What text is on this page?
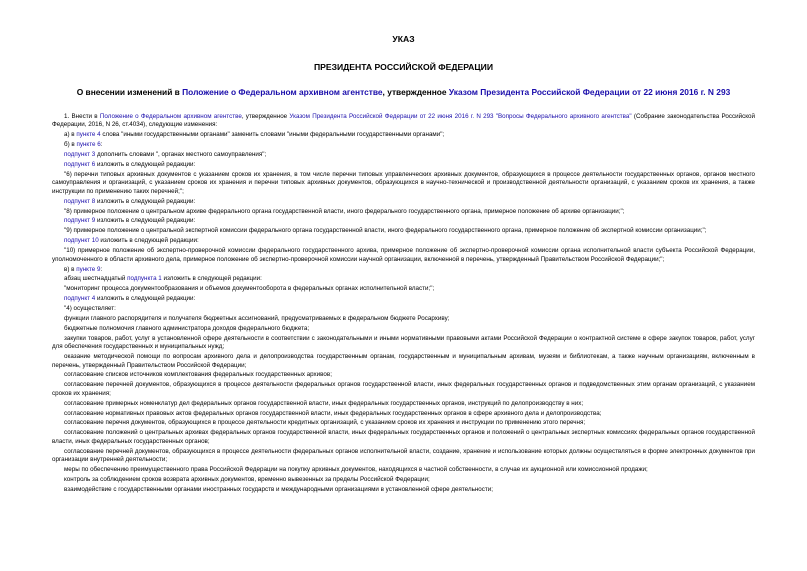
УКАЗ
ПРЕЗИДЕНТА РОССИЙСКОЙ ФЕДЕРАЦИИ
О внесении изменений в Положение о Федеральном архивном агентстве, утвержденное Указом Президента Российской Федерации от 22 июня 2016 г. N 293

1. Внести в Положение о Федеральном архивном агентстве, утвержденное Указом Президента Российской Федерации от 22 июня 2016 г. N 293 "Вопросы Федерального архивного агентства" (Собрание законодательства Российской Федерации, 2016, N 26, ст.4034), следующие изменения:

а) в пункте 4 слова "иными государственными органами" заменить словами "иными федеральными государственными органами";

б) в пункте 6:

подпункт 3 дополнить словами ", органах местного самоуправления";

подпункт 6 изложить в следующей редакции:

"6) перечни типовых архивных документов с указанием сроков их хранения, в том числе перечни типовых управленческих архивных документов, образующихся в процессе деятельности государственных органов, органов местного самоуправления и организаций, с указанием сроков их хранения и перечни типовых архивных документов, образующихся в научно-технической и производственной деятельности организаций, с указанием сроков их хранения, а также инструкции по применению таких перечней;";

подпункт 8 изложить в следующей редакции:

"8) примерное положение о центральном архиве федерального органа государственной власти, иного федерального государственного органа, примерное положение об архиве организации;";

подпункт 9 изложить в следующей редакции:

"9) примерное положение о центральной экспертной комиссии федерального органа государственной власти, иного федерального государственного органа, примерное положение об экспертной комиссии организации;";

подпункт 10 изложить в следующей редакции:

"10) примерное положение об экспертно-проверочной комиссии федерального государственного архива, примерное положение об экспертно-проверочной комиссии органа исполнительной власти субъекта Российской Федерации, уполномоченного в области архивного дела, примерное положение об экспертно-проверочной комиссии научной организации, включенной в перечень, утвержденный Правительством Российской Федерации;";

в) в пункте 9:

абзац шестнадцатый подпункта 1 изложить в следующей редакции:

"мониторинг процесса документообразования и объемов документооборота в федеральных органах исполнительной власти;";

подпункт 4 изложить в следующей редакции:

"4) осуществляет:

функции главного распорядителя и получателя бюджетных ассигнований, предусматриваемых в федеральном бюджете Росархиву;

бюджетные полномочия главного администратора доходов федерального бюджета;

закупки товаров, работ, услуг в установленной сфере деятельности в соответствии с законодательными и иными нормативными правовыми актами Российской Федерации о контрактной системе в сфере закупок товаров, работ, услуг для обеспечения государственных и муниципальных нужд;

оказание методической помощи по вопросам архивного дела и делопроизводства государственным органам, государственным и муниципальным архивам, музеям и библиотекам, а также научным организациям, включенным в перечень, утвержденный Правительством Российской Федерации;

согласование списков источников комплектования федеральных государственных архивов;

согласование перечней документов, образующихся в процессе деятельности федеральных органов государственной власти, иных федеральных государственных органов и подведомственных этим органам организаций, с указанием сроков их хранения;

согласование примерных номенклатур дел федеральных органов государственной власти, иных федеральных государственных органов, инструкций по делопроизводству в них;

согласование нормативных правовых актов федеральных органов государственной власти, иных федеральных государственных органов в сфере архивного дела и делопроизводства;

согласование перечня документов, образующихся в процессе деятельности кредитных организаций, с указанием сроков их хранения и инструкции по применению этого перечня;

согласование положений о центральных архивах федеральных органов государственной власти, иных федеральных государственных органов и положений о центральных экспертных комиссиях федеральных органов государственной власти, иных федеральных государственных органов;

согласование перечней документов, образующихся в процессе деятельности федеральных органов исполнительной власти, создание, хранение и использование которых должны осуществляться в форме электронных документов при организации внутренней деятельности;

меры по обеспечению преимущественного права Российской Федерации на покупку архивных документов, находящихся в частной собственности, в случае их аукционной или комиссионной продажи;

контроль за соблюдением сроков возврата архивных документов, временно вывезенных за пределы Российской Федерации;

взаимодействие с государственными органами иностранных государств и международными организациями в установленной сфере деятельности;
